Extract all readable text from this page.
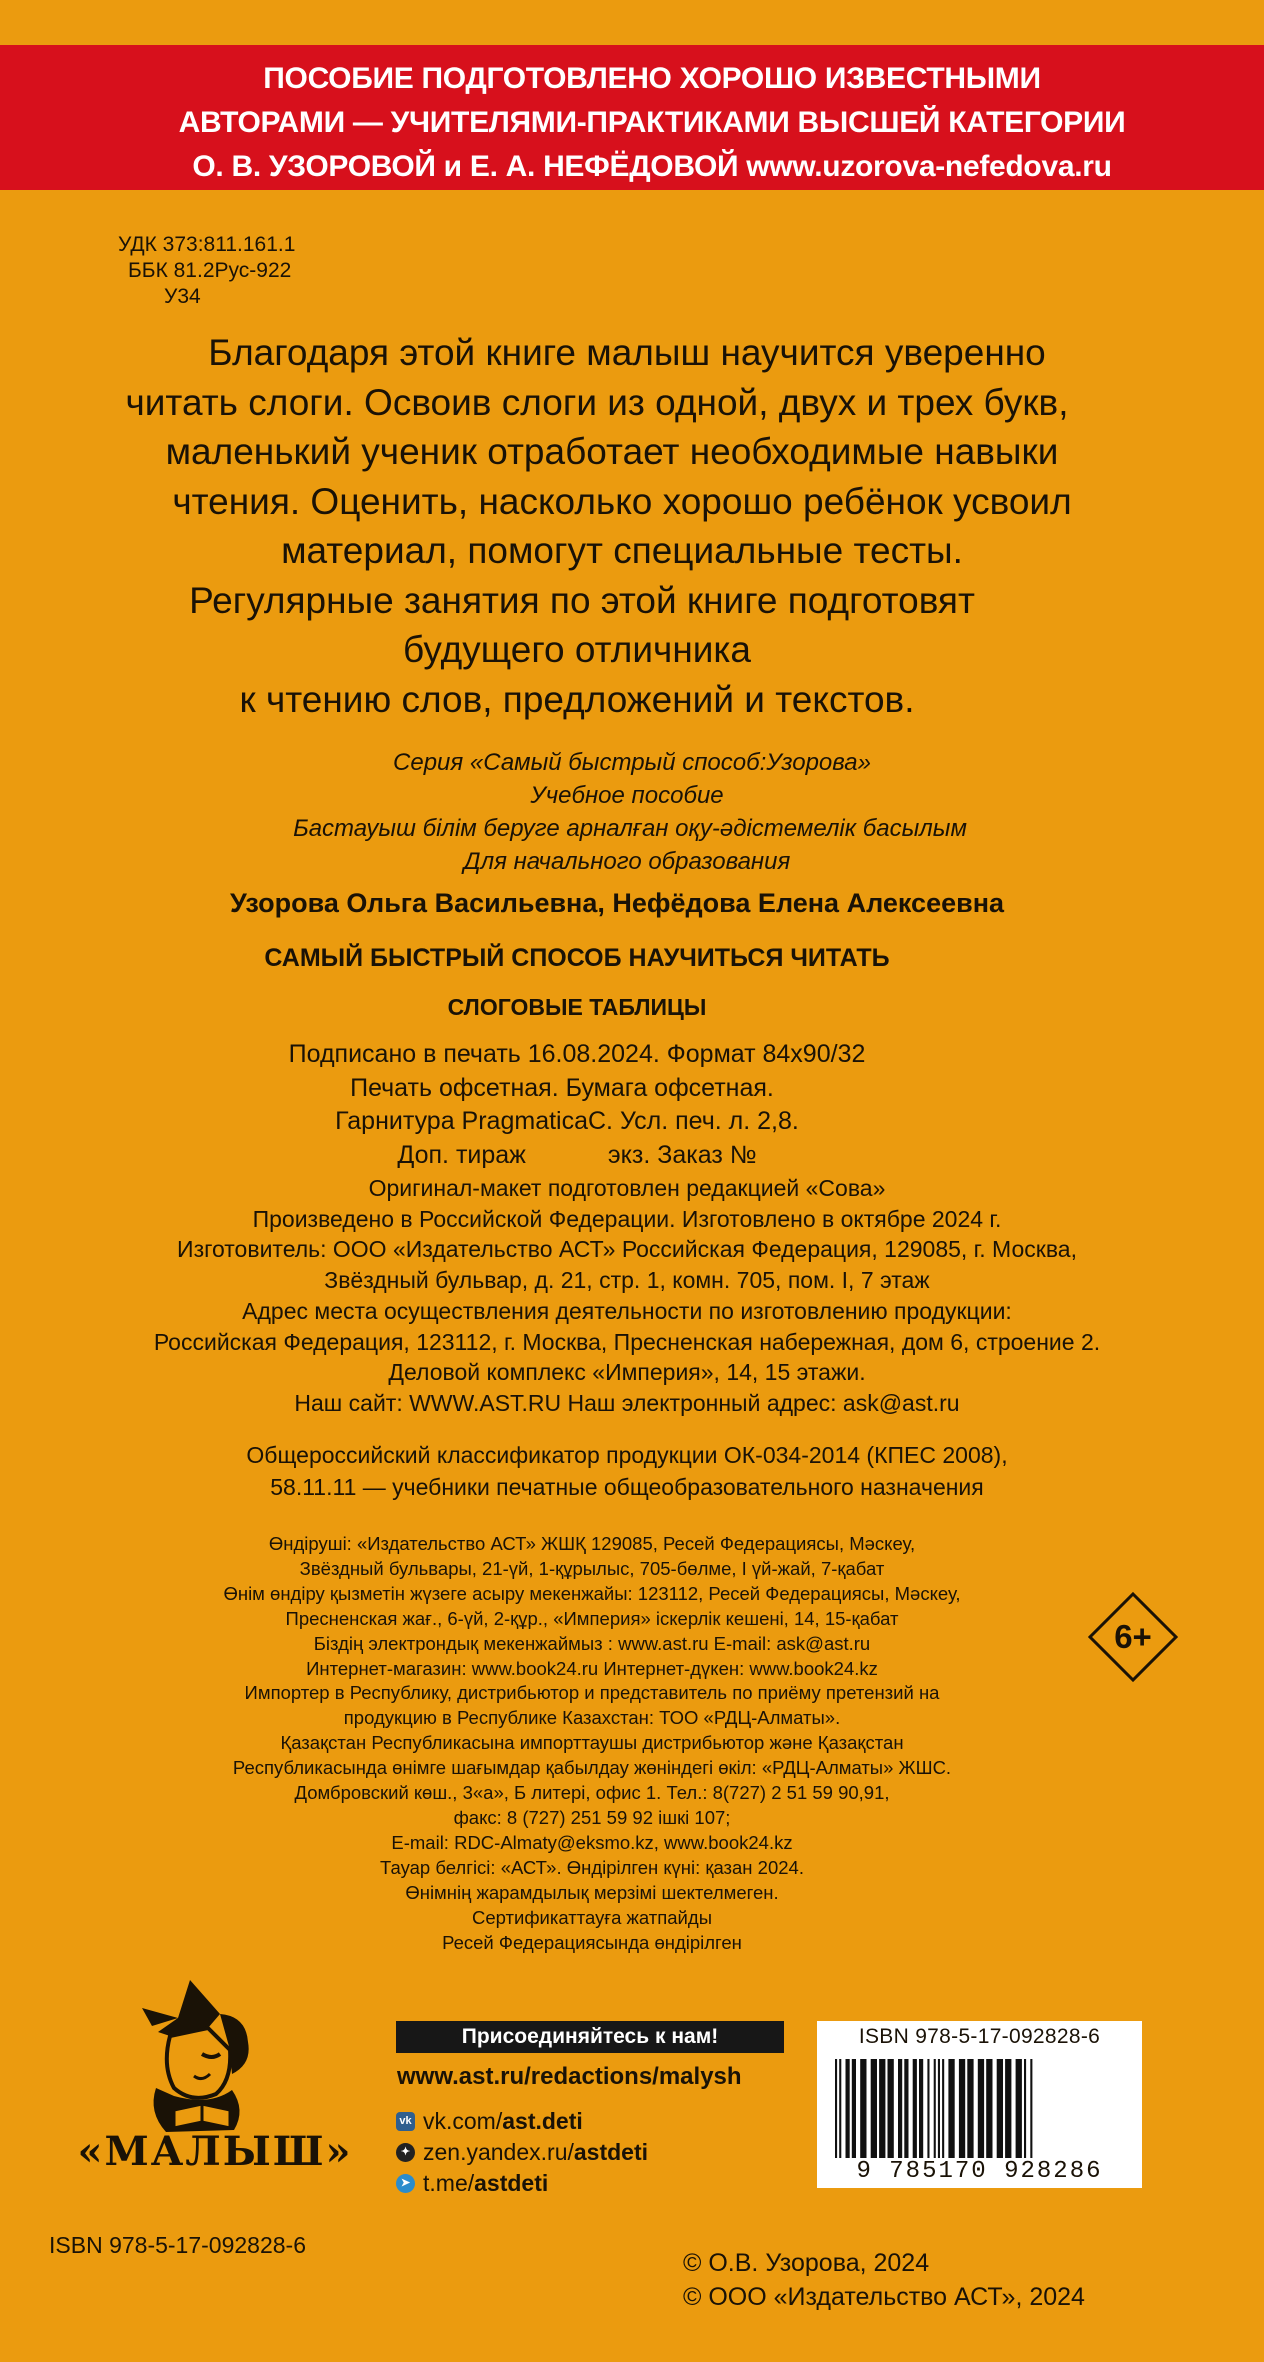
ПОСОБИЕ ПОДГОТОВЛЕНО ХОРОШО ИЗВЕСТНЫМИ
АВТОРАМИ — УЧИТЕЛЯМИ-ПРАКТИКАМИ ВЫСШЕЙ КАТЕГОРИИ
О. В. УЗОРОВОЙ и Е. А. НЕФЁДОВОЙ www.uzorova-nefedova.ru
УДК 373:811.161.1
ББК 81.2Рус-922
У34
Благодаря этой книге малыш научится уверенно
читать слоги. Освоив слоги из одной, двух и трех букв,
маленький ученик отработает необходимые навыки
чтения. Оценить, насколько хорошо ребёнок усвоил
материал, помогут специальные тесты.
Регулярные занятия по этой книге подготовят
будущего отличника
к чтению слов, предложений и текстов.
Серия «Самый быстрый способ:Узорова»
Учебное пособие
Бастауыш білім беруге арналған оқу-әдістемелік басылым
Для начального образования
Узорова Ольга Васильевна, Нефёдова Елена Алексеевна
САМЫЙ БЫСТРЫЙ СПОСОБ НАУЧИТЬСЯ ЧИТАТЬ
СЛОГОВЫЕ ТАБЛИЦЫ
Подписано в печать 16.08.2024. Формат 84x90/32
Печать офсетная. Бумага офсетная.
Гарнитура PragmaticaC. Усл. печ. л. 2,8.
Доп. тираж	экз. Заказ №
Оригинал-макет подготовлен редакцией «Сова»
Произведено в Российской Федерации. Изготовлено в октябре 2024 г.
Изготовитель: ООО «Издательство АСТ» Российская Федерация, 129085, г. Москва,
Звёздный бульвар, д. 21, стр. 1, комн. 705, пом. I, 7 этаж
Адрес места осуществления деятельности по изготовлению продукции:
Российская Федерация, 123112, г. Москва, Пресненская набережная, дом 6, строение 2.
Деловой комплекс «Империя», 14, 15 этажи.
Наш сайт: WWW.AST.RU Наш электронный адрес: ask@ast.ru
Общероссийский классификатор продукции ОК-034-2014 (КПЕС 2008),
58.11.11 — учебники печатные общеобразовательного назначения
Өндіруші: «Издательство АСТ» ЖШҚ 129085, Ресей Федерациясы, Мәскеу,
Звёздный бульвары, 21-үй, 1-құрылыс, 705-бөлме, I үй-жай, 7-қабат
Өнім өндіру қызметін жүзеге асыру мекенжайы: 123112, Ресей Федерациясы, Мәскеу,
Пресненская жағ., 6-үй, 2-құр., «Империя» іскерлік кешені, 14, 15-қабат
Біздің электрондық мекенжаймыз : www.ast.ru E-mail: ask@ast.ru
Интернет-магазин: www.book24.ru Интернет-дүкен: www.book24.kz
Импортер в Республику, дистрибьютор и представитель по приёму претензий на
продукцию в Республике Казахстан: ТОО «РДЦ-Алматы».
Қазақстан Республикасына импорттаушы дистрибьютор және Қазақстан
Республикасында өнімге шағымдар қабылдау жөніндегі өкіл: «РДЦ-Алматы» ЖШС.
Домбровский көш., 3«а», Б литері, офис 1. Тел.: 8(727) 2 51 59 90,91,
факс: 8 (727) 251 59 92 ішкі 107;
E-mail: RDC-Almaty@eksmo.kz, www.book24.kz
Тауар белгісі: «АСТ». Өндірілген күні: қазан 2024.
Өнімнің жарамдылық мерзімі шектелмеген.
Сертификаттауға жатпайды
Ресей Федерациясында өндірілген
6+
«МАЛЫШ»
Присоединяйтесь к нам!
www.ast.ru/redactions/malysh
vk vk.com/ ast.deti
✦ zen.yandex.ru/ astdeti
➤ t.me/ astdeti
ISBN 978-5-17-092828-6
9 785170 928286
ISBN 978-5-17-092828-6
© О.В. Узорова, 2024
© ООО «Издательство АСТ», 2024
